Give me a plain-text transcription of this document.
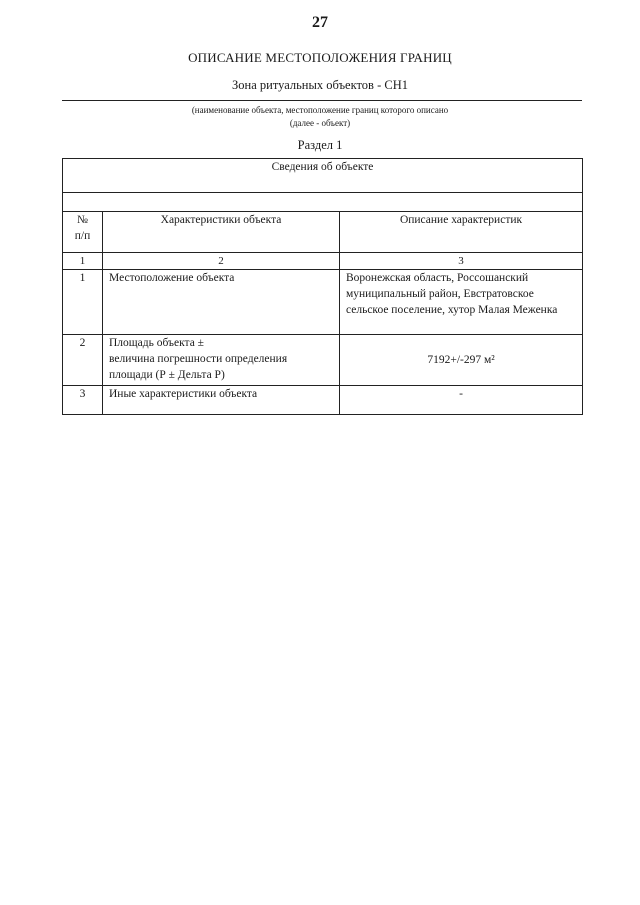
27
ОПИСАНИЕ МЕСТОПОЛОЖЕНИЯ ГРАНИЦ
Зона ритуальных объектов - СН1
(наименование объекта, местоположение границ которого описано
(далее - объект)
Раздел 1
Сведения об объекте		

№
п/п	Характеристики объекта	Описание характеристик
1	2	3
1	Местоположение объекта	Воронежская область, Россошанский муниципальный район, Евстратовское сельское поселение, хутор Малая Меженка
2	Площадь объекта ±
величина погрешности определения
площади (Р ± Дельта Р)	7192+/-297 м²
3	Иные характеристики объекта	-
